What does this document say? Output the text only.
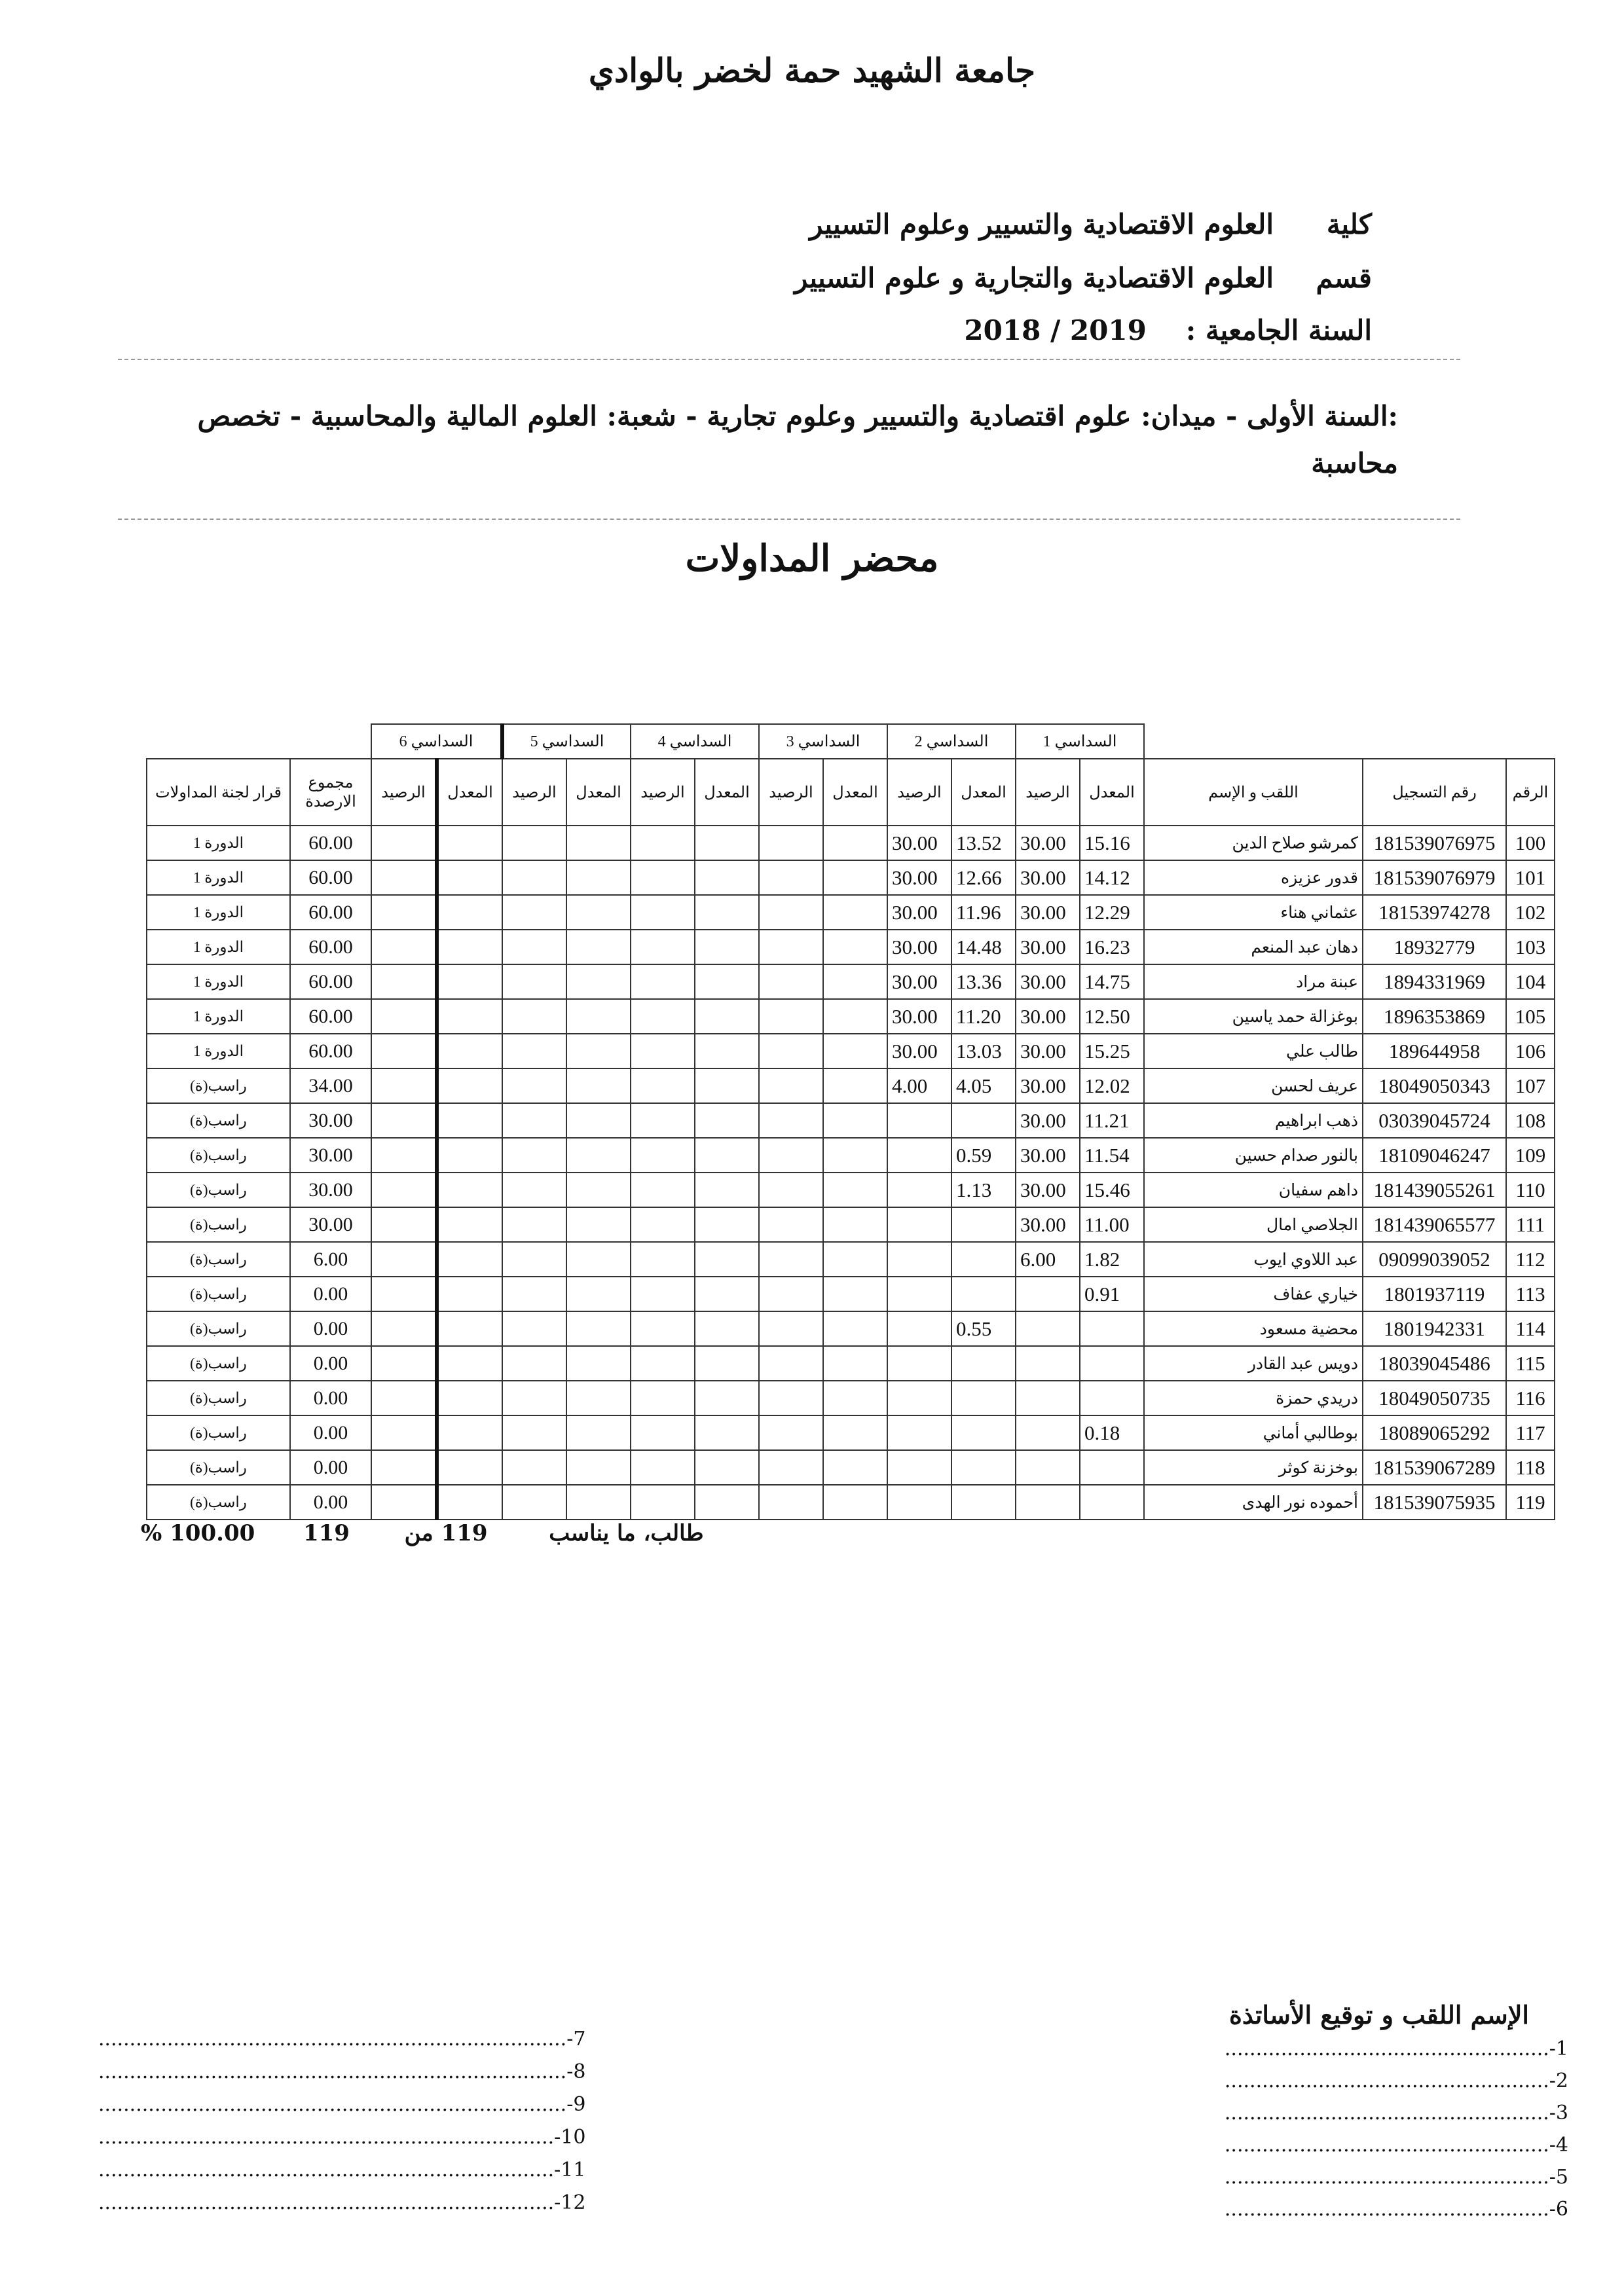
جامعة الشهيد حمة لخضر بالوادي
كليةالعلوم الاقتصادية والتسيير وعلوم التسيير
قسمالعلوم الاقتصادية والتجارية و علوم التسيير
السنة الجامعية :2018 / 2019
:السنة الأولى - ميدان: علوم اقتصادية والتسيير وعلوم تجارية - شعبة: العلوم المالية والمحاسبية - تخصص محاسبة
محضر المداولات
			السداسي 1		السداسي 2		السداسي 3		السداسي 4		السداسي 5		السداسي 6			
الرقم	رقم التسجيل	اللقب و الإسم	المعدل	الرصيد	المعدل	الرصيد	المعدل	الرصيد	المعدل	الرصيد	المعدل	الرصيد	المعدل	الرصيد	مجموع الارصدة	قرار لجنة المداولات
100	181539076975	كمرشو صلاح الدين	15.16	30.00	13.52	30.00									60.00	الدورة 1
101	181539076979	قدور عزيزه	14.12	30.00	12.66	30.00									60.00	الدورة 1
102	18153974278	عثماني هناء	12.29	30.00	11.96	30.00									60.00	الدورة 1
103	18932779	دهان عبد المنعم	16.23	30.00	14.48	30.00									60.00	الدورة 1
104	1894331969	عبنة مراد	14.75	30.00	13.36	30.00									60.00	الدورة 1
105	1896353869	بوغزالة حمد ياسين	12.50	30.00	11.20	30.00									60.00	الدورة 1
106	189644958	طالب علي	15.25	30.00	13.03	30.00									60.00	الدورة 1
107	18049050343	عريف لحسن	12.02	30.00	4.05	4.00									34.00	راسب(ة)
108	03039045724	ذهب ابراهيم	11.21	30.00											30.00	راسب(ة)
109	18109046247	بالنور صدام حسين	11.54	30.00	0.59										30.00	راسب(ة)
110	181439055261	داهم سفيان	15.46	30.00	1.13										30.00	راسب(ة)
111	181439065577	الجلاصي امال	11.00	30.00											30.00	راسب(ة)
112	09099039052	عبد اللاوي ايوب	1.82	6.00											6.00	راسب(ة)
113	1801937119	خياري عفاف	0.91												0.00	راسب(ة)
114	1801942331	محضية مسعود			0.55										0.00	راسب(ة)
115	18039045486	دويس عبد القادر													0.00	راسب(ة)
116	18049050735	دريدي حمزة													0.00	راسب(ة)
117	18089065292	بوطالبي أماني	0.18												0.00	راسب(ة)
118	181539067289	بوخزنة كوثر													0.00	راسب(ة)
119	181539075935	أحموده نور الهدى													0.00	راسب(ة)
% 100.00	طالب، ما يناسب  119 من  119
الإسم اللقب و توقيع الأساتذة
....................................................-1
....................................................-2
....................................................-3
....................................................-4
....................................................-5
....................................................-6
...........................................................................-7
...........................................................................-8
...........................................................................-9
.........................................................................-10
.........................................................................-11
.........................................................................-12
